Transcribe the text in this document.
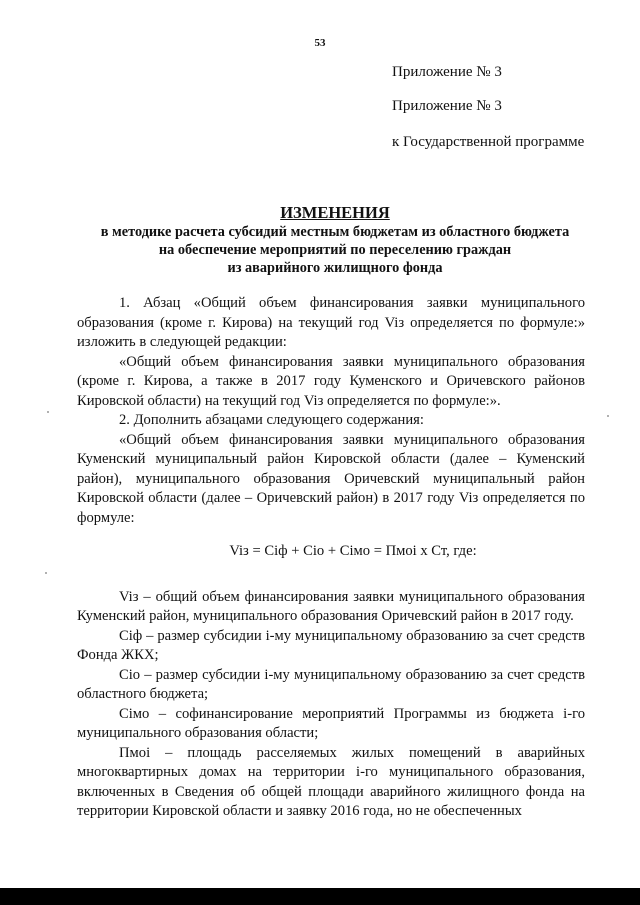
53
Приложение № 3
Приложение № 3
к Государственной программе
ИЗМЕНЕНИЯ
в методике расчета субсидий местным бюджетам из областного бюджета
на обеспечение мероприятий по переселению граждан
из аварийного жилищного фонда

1. Абзац «Общий объем финансирования заявки муниципального образования (кроме г. Кирова) на текущий год Viз определяется по формуле:» изложить в следующей редакции:

«Общий объем финансирования заявки муниципального образования (кроме г. Кирова, а также в 2017 году Куменского и Оричевского районов Кировской области) на текущий год Viз определяется по формуле:».

2. Дополнить абзацами следующего содержания:

«Общий объем финансирования заявки муниципального образования Куменский муниципальный район Кировской области (далее – Куменский район), муниципального образования Оричевский муниципальный район Кировской области (далее – Оричевский район) в 2017 году Viз определяется по формуле:

Viз = Ciф + Ciо + Ciмо = Пмоi х Ст, где:

Viз – общий объем финансирования заявки муниципального образования Куменский район, муниципального образования Оричевский район в 2017 году.

Ciф – размер субсидии i-му муниципальному образованию за счет средств Фонда ЖКХ;

Ciо – размер субсидии i-му муниципальному образованию за счет средств областного бюджета;

Ciмо – софинансирование мероприятий Программы из бюджета i-го муниципального образования области;

Пмоi – площадь расселяемых жилых помещений в аварийных многоквартирных домах на территории i-го муниципального образования, включенных в Сведения об общей площади аварийного жилищного фонда на территории Кировской области и заявку 2016 года, но не обеспеченных
